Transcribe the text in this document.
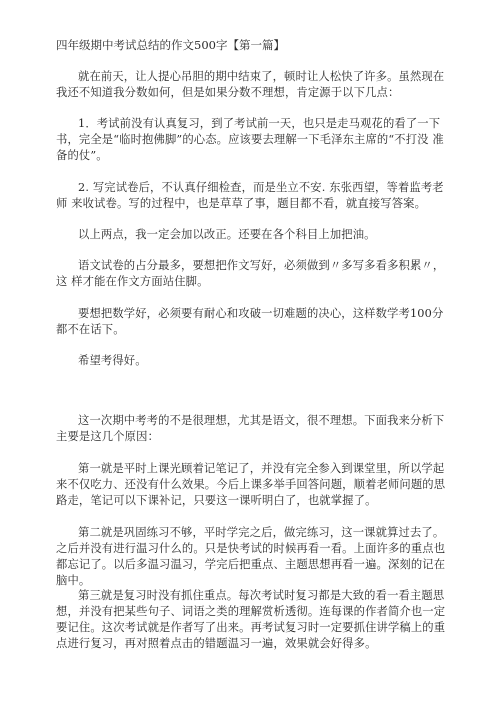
四年级期中考试总结的作文500字【第一篇】

就在前天，让人提心吊胆的期中结束了，顿时让人松快了许多。虽然现在 我还不知道我分数如何，但是如果分数不理想，肯定源于以下几点：

1．考试前没有认真复习，到了考试前一天，也只是走马观花的看了一下 书，完全是“临时抱佛脚”的心态。应该要去理解一下毛泽东主席的“不打没 准备的仗”。

2. 写完试卷后，不认真仔细检查，而是坐立不安. 东张西望，等着监考老师 来收试卷。写的过程中，也是草草了事，题目都不看，就直接写答案。

以上两点，我一定会加以改正。还要在各个科目上加把油。

语文试卷的占分最多，要想把作文写好，必须做到〃多写多看多积累〃，这 样才能在作文方面站住脚。

要想把数学好，必须要有耐心和攻破一切难题的决心，这样数学考100分 都不在话下。

希望考得好。

这一次期中考考的不是很理想，尤其是语文，很不理想。下面我来分析下 主要是这几个原因：

第一就是平时上课光顾着记笔记了，并没有完全参入到课堂里，所以学起 来不仅吃力、还没有什么效果。今后上课多举手回答问题，顺着老师问题的思 路走，笔记可以下课补记，只要这一课听明白了，也就掌握了。

第二就是巩固练习不够，平时学完之后，做完练习，这一课就算过去了。 之后并没有进行温习什么的。只是快考试的时候再看一看。上面许多的重点也 都忘记了。以后多温习温习，学完后把重点、主题思想再看一遍。深刻的记在 脑中。

第三就是复习时没有抓住重点。每次考试时复习都是大致的看一看主题思 想，并没有把某些句子、词语之类的理解赏析透彻。连每课的作者简介也一定 要记住。这次考试就是作者写了出来。再考试复习时一定要抓住讲学稿上的重 点进行复习，再对照着点击的错题温习一遍，效果就会好得多。
